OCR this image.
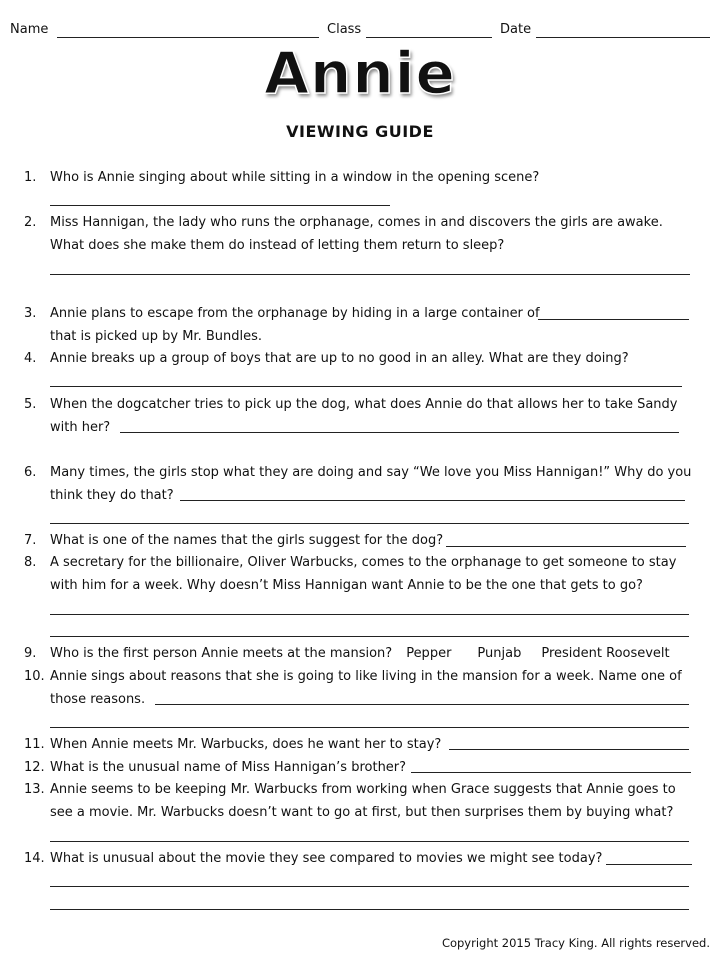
Name	Class	Date
Annie
VIEWING GUIDE
1. Who is Annie singing about while sitting in a window in the opening scene?
2. Miss Hannigan, the lady who runs the orphanage, comes in and discovers the girls are awake.
What does she make them do instead of letting them return to sleep?
3. Annie plans to escape from the orphanage by hiding in a large container of
that is picked up by Mr. Bundles.
4. Annie breaks up a group of boys that are up to no good in an alley. What are they doing?
5. When the dogcatcher tries to pick up the dog, what does Annie do that allows her to take Sandy
with her?
6. Many times, the girls stop what they are doing and say “We love you Miss Hannigan!” Why do you
think they do that?
7. What is one of the names that the girls suggest for the dog?
8. A secretary for the billionaire, Oliver Warbucks, comes to the orphanage to get someone to stay
with him for a week. Why doesn’t Miss Hannigan want Annie to be the one that gets to go?
9. Who is the first person Annie meets at the mansion? Pepper Punjab President Roosevelt
10. Annie sings about reasons that she is going to like living in the mansion for a week. Name one of
those reasons.
11. When Annie meets Mr. Warbucks, does he want her to stay?
12. What is the unusual name of Miss Hannigan’s brother?
13. Annie seems to be keeping Mr. Warbucks from working when Grace suggests that Annie goes to
see a movie. Mr. Warbucks doesn’t want to go at first, but then surprises them by buying what?
14. What is unusual about the movie they see compared to movies we might see today?
Copyright 2015 Tracy King. All rights reserved.
